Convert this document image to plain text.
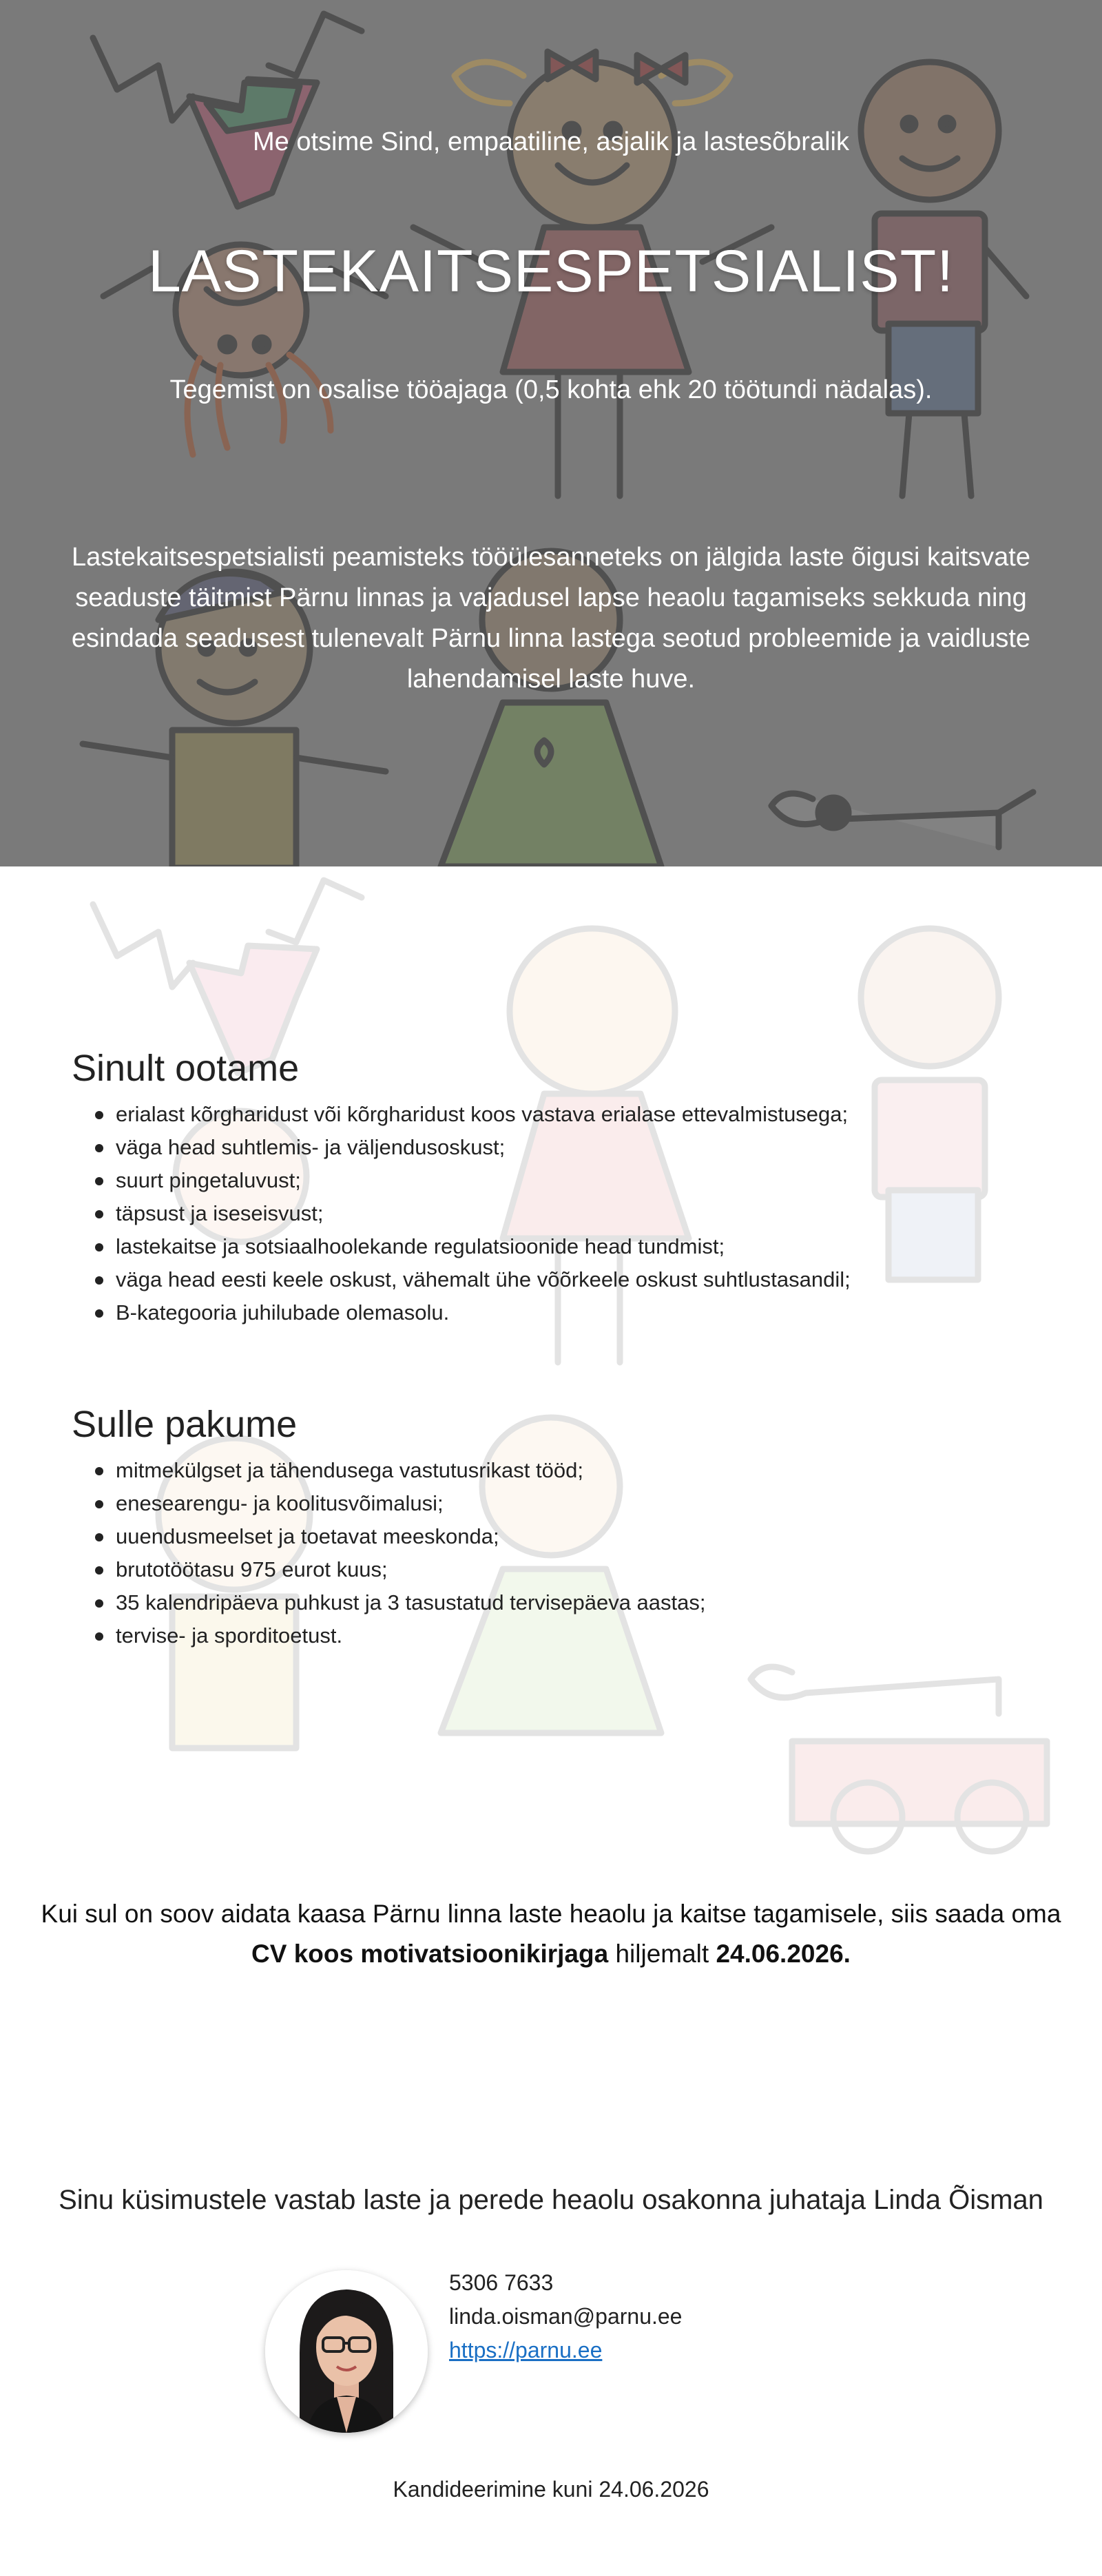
Me otsime Sind, empaatiline, asjalik ja lastesõbralik
LASTEKAITSESPETSIALIST!
Tegemist on osalise tööajaga (0,5 kohta ehk 20 töötundi nädalas).
Lastekaitsespetsialisti peamisteks tööülesanneteks on jälgida laste õigusi kaitsvate seaduste täitmist Pärnu linnas ja vajadusel lapse heaolu tagamiseks sekkuda ning esindada seadusest tulenevalt Pärnu linna lastega seotud probleemide ja vaidluste lahendamisel laste huve.
Sinult ootame
erialast kõrgharidust või kõrgharidust koos vastava erialase ettevalmistusega;
väga head suhtlemis- ja väljendusoskust;
suurt pingetaluvust;
täpsust ja iseseisvust;
lastekaitse ja sotsiaalhoolekande regulatsioonide head tundmist;
väga head eesti keele oskust, vähemalt ühe võõrkeele oskust suhtlustasandil;
B-kategooria juhilubade olemasolu.
Sulle pakume
mitmekülgset ja tähendusega vastutusrikast tööd;
enesearengu- ja koolitusvõimalusi;
uuendusmeelset ja toetavat meeskonda;
brutotöötasu 975 eurot kuus;
35 kalendripäeva puhkust ja 3 tasustatud tervisepäeva aastas;
tervise- ja sporditoetust.
Kui sul on soov aidata kaasa Pärnu linna laste heaolu ja kaitse tagamisele, siis saada oma CV koos motivatsioonikirjaga hiljemalt 24.06.2026.
Sinu küsimustele vastab laste ja perede heaolu osakonna juhataja Linda Õisman
5306 7633
linda.oisman@parnu.ee
https://parnu.ee
Kandideerimine kuni 24.06.2026
